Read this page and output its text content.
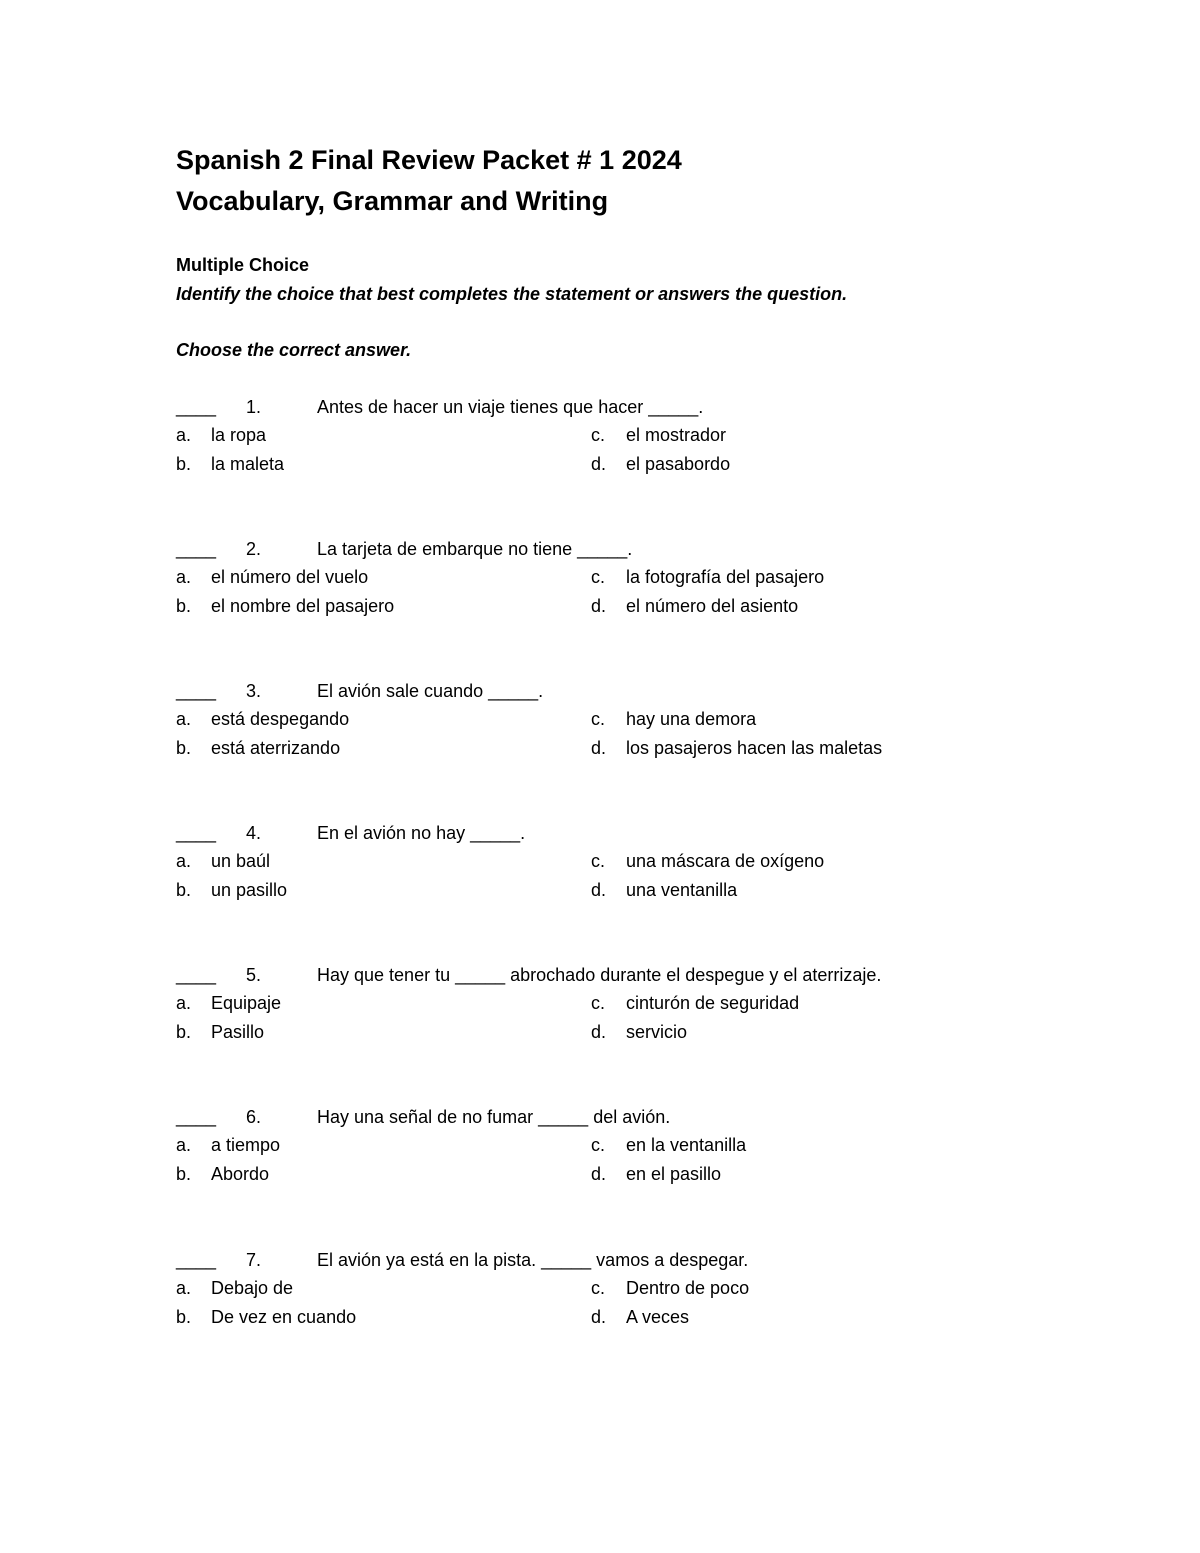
Spanish 2 Final Review Packet # 1 2024
Vocabulary, Grammar and Writing
Multiple Choice
Identify the choice that best completes the statement or answers the question.
Choose the correct answer.
____ 1.	Antes de hacer un viaje tienes que hacer _____.
a. la ropa
b. la maleta
c. el mostrador
d. el pasabordo
____ 2.	La tarjeta de embarque no tiene _____.
a. el número del vuelo
b. el nombre del pasajero
c. la fotografía del pasajero
d. el número del asiento
____ 3.	El avión sale cuando _____.
a. está despegando
b. está aterrizando
c. hay una demora
d. los pasajeros hacen las maletas
____ 4.	En el avión no hay _____.
a. un baúl
b. un pasillo
c. una máscara de oxígeno
d. una ventanilla
____ 5.	Hay que tener tu _____ abrochado durante el despegue y el aterrizaje.
a. Equipaje
b. Pasillo
c. cinturón de seguridad
d. servicio
____ 6.	Hay una señal de no fumar _____ del avión.
a. a tiempo
b. Abordo
c. en la ventanilla
d. en el pasillo
____ 7.	El avión ya está en la pista. _____ vamos a despegar.
a. Debajo de
b. De vez en cuando
c. Dentro de poco
d. A veces
